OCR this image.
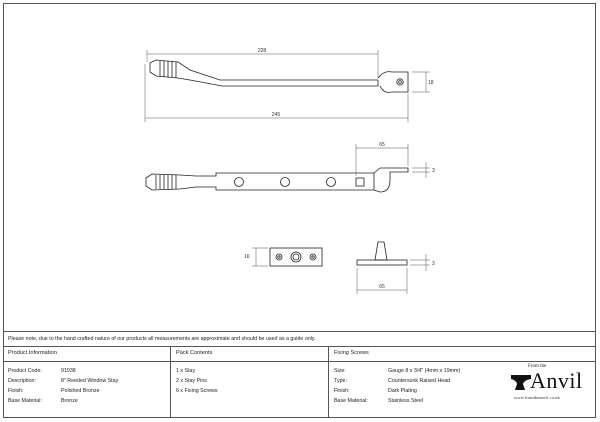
228
18
245
65
3
16
3
65
Please note, due to the hand crafted nature of our products all measurements are approximate and should be used as a guide only.
Product Information
Product Code:	91938
Description:	8" Reeded Window Stay
Finish:	Polished Bronze
Base Material:	Bronze
Pack Contents
1 x Stay
2 x Stay Pins
6 x Fixing Screws
Fixing Screws
Size:	Gauge 8 x 3/4" (4mm x 19mm)
Type:	Countersunk Raised Head
Finish:	Dark Plating
Base Material:	Stainless Steel
From the
Anvil
www.fromtheanvil.co.uk
